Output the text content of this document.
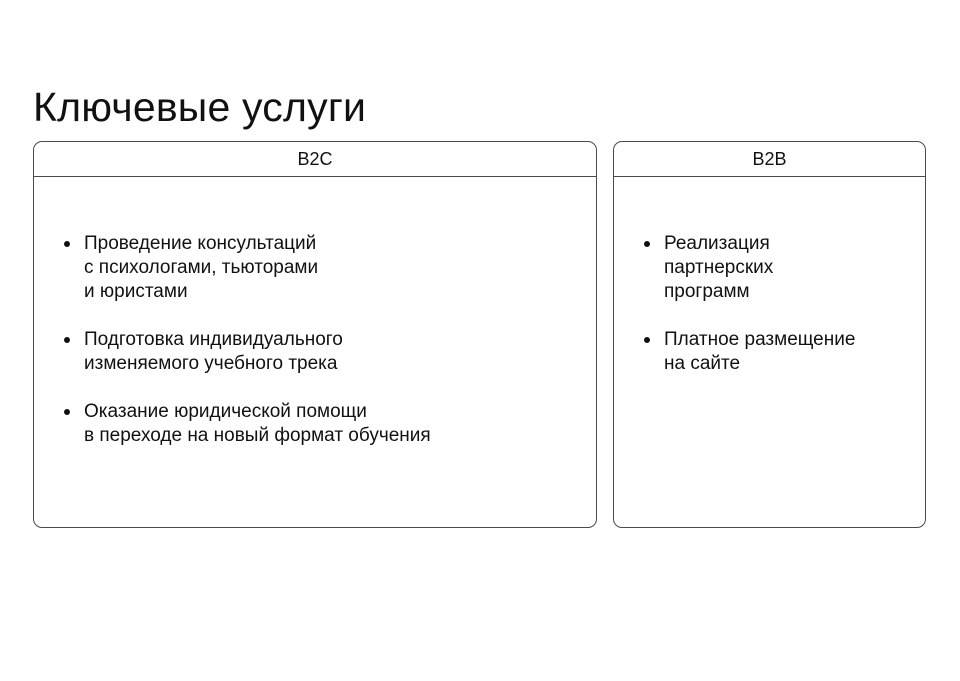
Ключевые услуги
B2C
Проведение консультаций
с психологами, тьюторами
и юристами
Подготовка индивидуального
изменяемого учебного трека
Оказание юридической помощи
в переходе на новый формат обучения
B2B
Реализация
партнерских
программ
Платное размещение
на сайте
